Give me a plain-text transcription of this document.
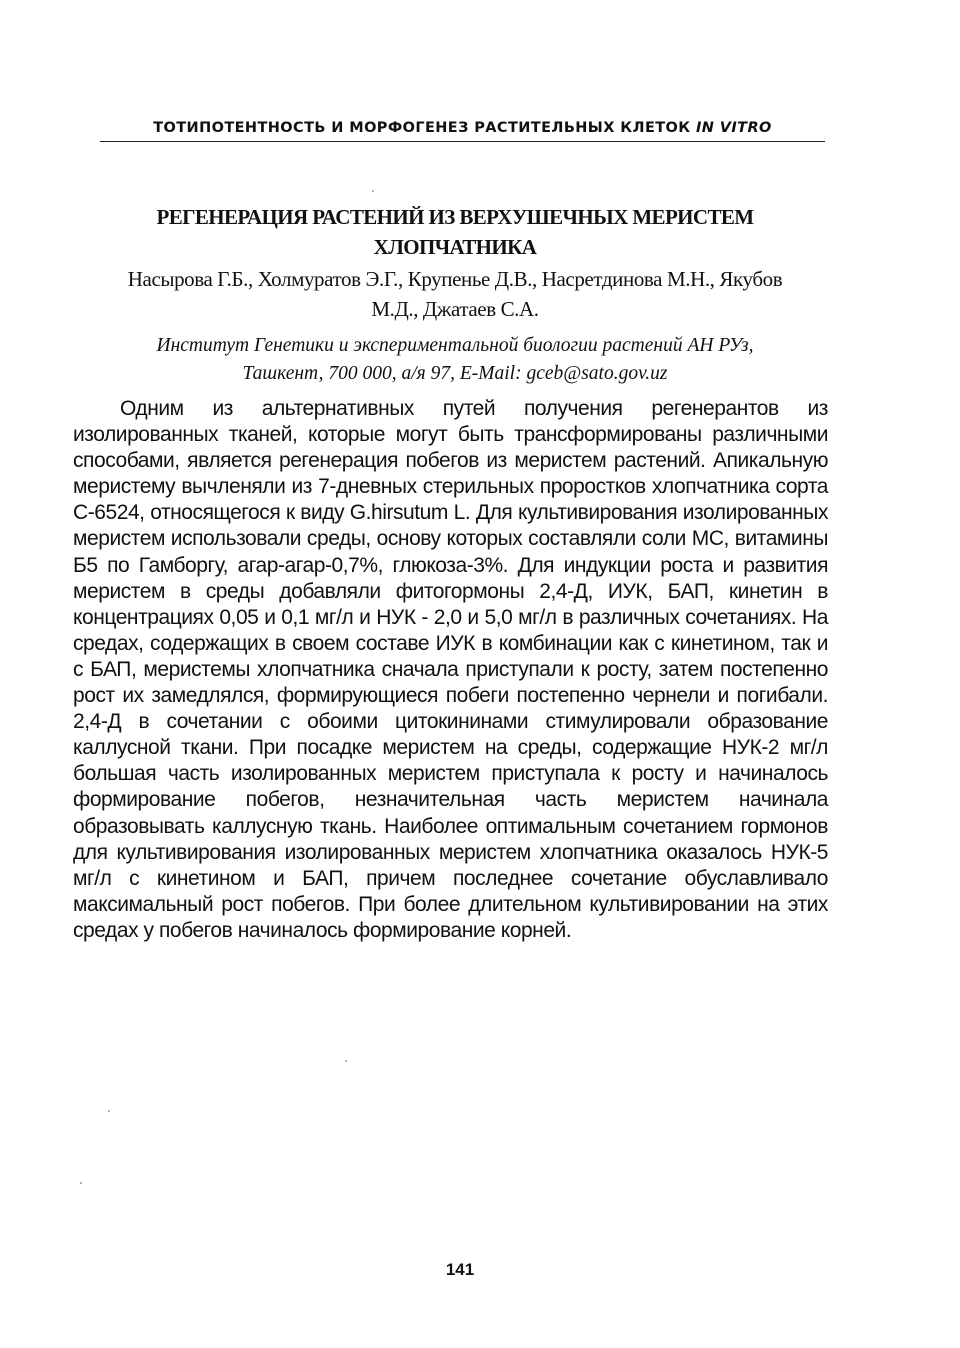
ТОТИПОТЕНТНОСТЬ И МОРФОГЕНЕЗ РАСТИТЕЛЬНЫХ КЛЕТОК IN VITRO
РЕГЕНЕРАЦИЯ РАСТЕНИЙ ИЗ ВЕРХУШЕЧНЫХ МЕРИСТЕМ
ХЛОПЧАТНИКА
Насырова Г.Б., Холмуратов Э.Г., Крупенье Д.В., Насретдинова М.Н., Якубов
М.Д., Джатаев С.А.
Институт Генетики и экспериментальной биологии растений АН РУз,
Ташкент, 700 000, а/я 97, E-Mail: gceb@sato.gov.uz

Одним из альтернативных путей получения регенерантов из изолированных тканей, которые могут быть трансформированы различными способами, является регенерация побегов из меристем растений. Апикальную меристему вычленяли из 7-дневных стерильных проростков хлопчатника сорта С-6524, относящегося к виду G.hirsutum L. Для культивирования изолированных меристем использовали среды, основу которых составляли соли МС, витамины Б5 по Гамборгу, агар-агар-0,7%, глюкоза-3%. Для индукции роста и развития меристем в среды добавляли фитогормоны 2,4-Д, ИУК, БАП, кинетин в концентрациях 0,05 и 0,1 мг/л и НУК - 2,0 и 5,0 мг/л в различных сочетаниях. На средах, содержащих в своем составе ИУК в комбинации как с кинетином, так и с БАП, меристемы хлопчатника сначала приступали к росту, затем постепенно рост их замедлялся, формирующиеся побеги постепенно чернели и погибали. 2,4-Д в сочетании с обоими цитокининами стимулировали образование каллусной ткани. При посадке меристем на среды, содержащие НУК-2 мг/л большая часть изолированных меристем приступала к росту и начиналось формирование побегов, незначительная часть меристем начинала образовывать каллусную ткань. Наиболее оптимальным сочетанием гормонов для культивирования изолированных меристем хлопчатника оказалось НУК-5 мг/л с кинетином и БАП, причем последнее сочетание обуславливало максимальный рост побегов. При более длительном культивировании на этих средах у побегов начиналось формирование корней.

141
